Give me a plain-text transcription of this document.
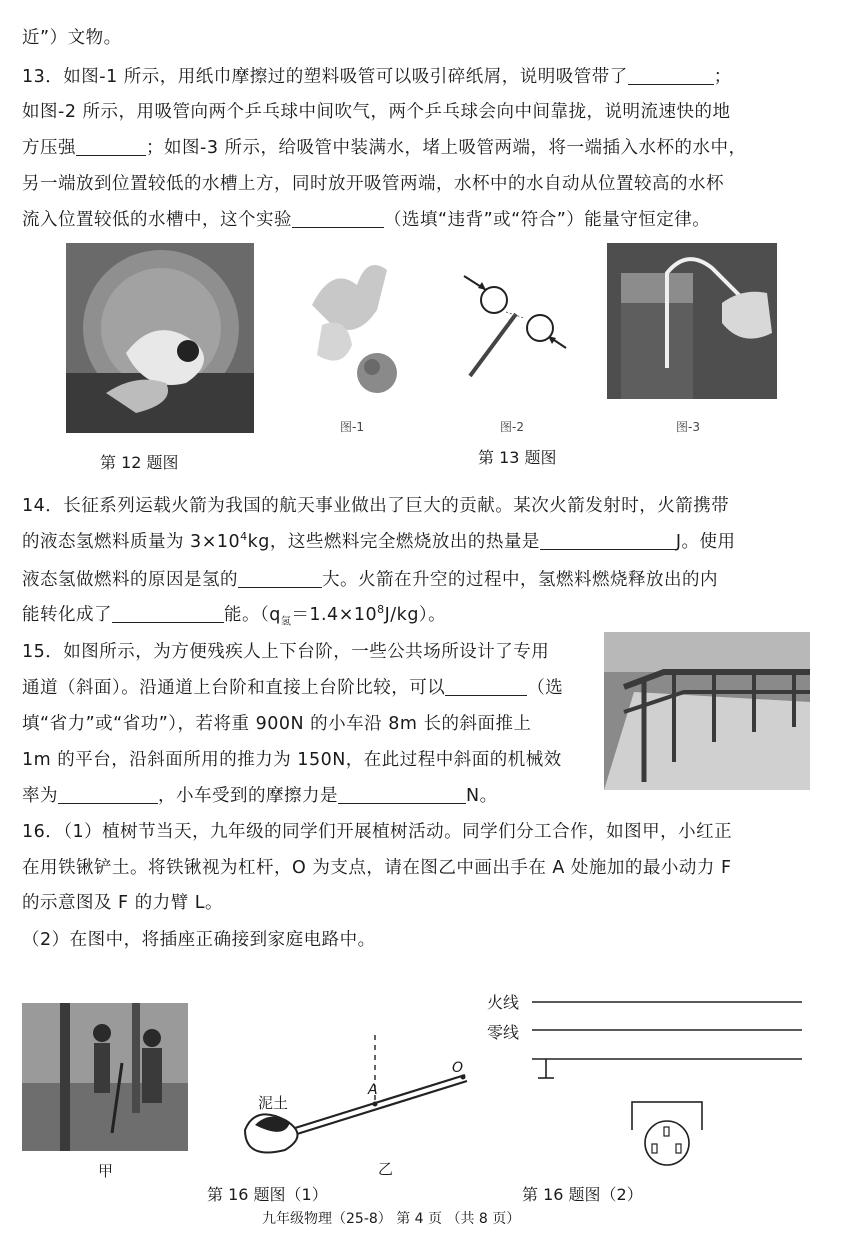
近”）文物。
13．如图-1 所示，用纸巾摩擦过的塑料吸管可以吸引碎纸屑，说明吸管带了	；
如图-2 所示，用吸管向两个乒乓球中间吹气，两个乒乓球会向中间靠拢，说明流速快的地
方压强	；如图-3 所示，给吸管中装满水，堵上吸管两端，将一端插入水杯的水中，
另一端放到位置较低的水槽上方，同时放开吸管两端，水杯中的水自动从位置较高的水杯
流入位置较低的水槽中，这个实验	（选填“违背”或“符合”）能量守恒定律。
图-1	图-2	图-3
第 12 题图	第 13 题图
14．长征系列运载火箭为我国的航天事业做出了巨大的贡献。某次火箭发射时，火箭携带
的液态氢燃料质量为 $3\times 10^4kg$，这些燃料完全燃烧放出的热量是	J。使用
液态氢做燃料的原因是氢的	大。火箭在升空的过程中，氢燃料燃烧释放出的内
能转化成了	能。$(q_氢=1.4\times 10^8J/kg)$。
15．如图所示，为方便残疾人上下台阶，一些公共场所设计了专用
通道（斜面）。沿通道上台阶和直接上台阶比较，可以	（选
填“省力”或“省功”），若将重 900N 的小车沿 8m 长的斜面推上
1m 的平台，沿斜面所用的推力为 150N，在此过程中斜面的机械效
率为	，小车受到的摩擦力是	N。
16．（1）植树节当天，九年级的同学们开展植树活动。同学们分工合作，如图甲，小红正
在用铁锹铲土。将铁锹视为杠杆，O 为支点，请在图乙中画出手在 A 处施加的最小动力 F
的示意图及 F 的力臂 L。
（2）在图中，将插座正确接到家庭电路中。
甲
泥土
A
O
乙
火线
零线
第 16 题图（1）	第 16 题图（2）
九年级物理（25-8） 第 4 页 （共 8 页）
